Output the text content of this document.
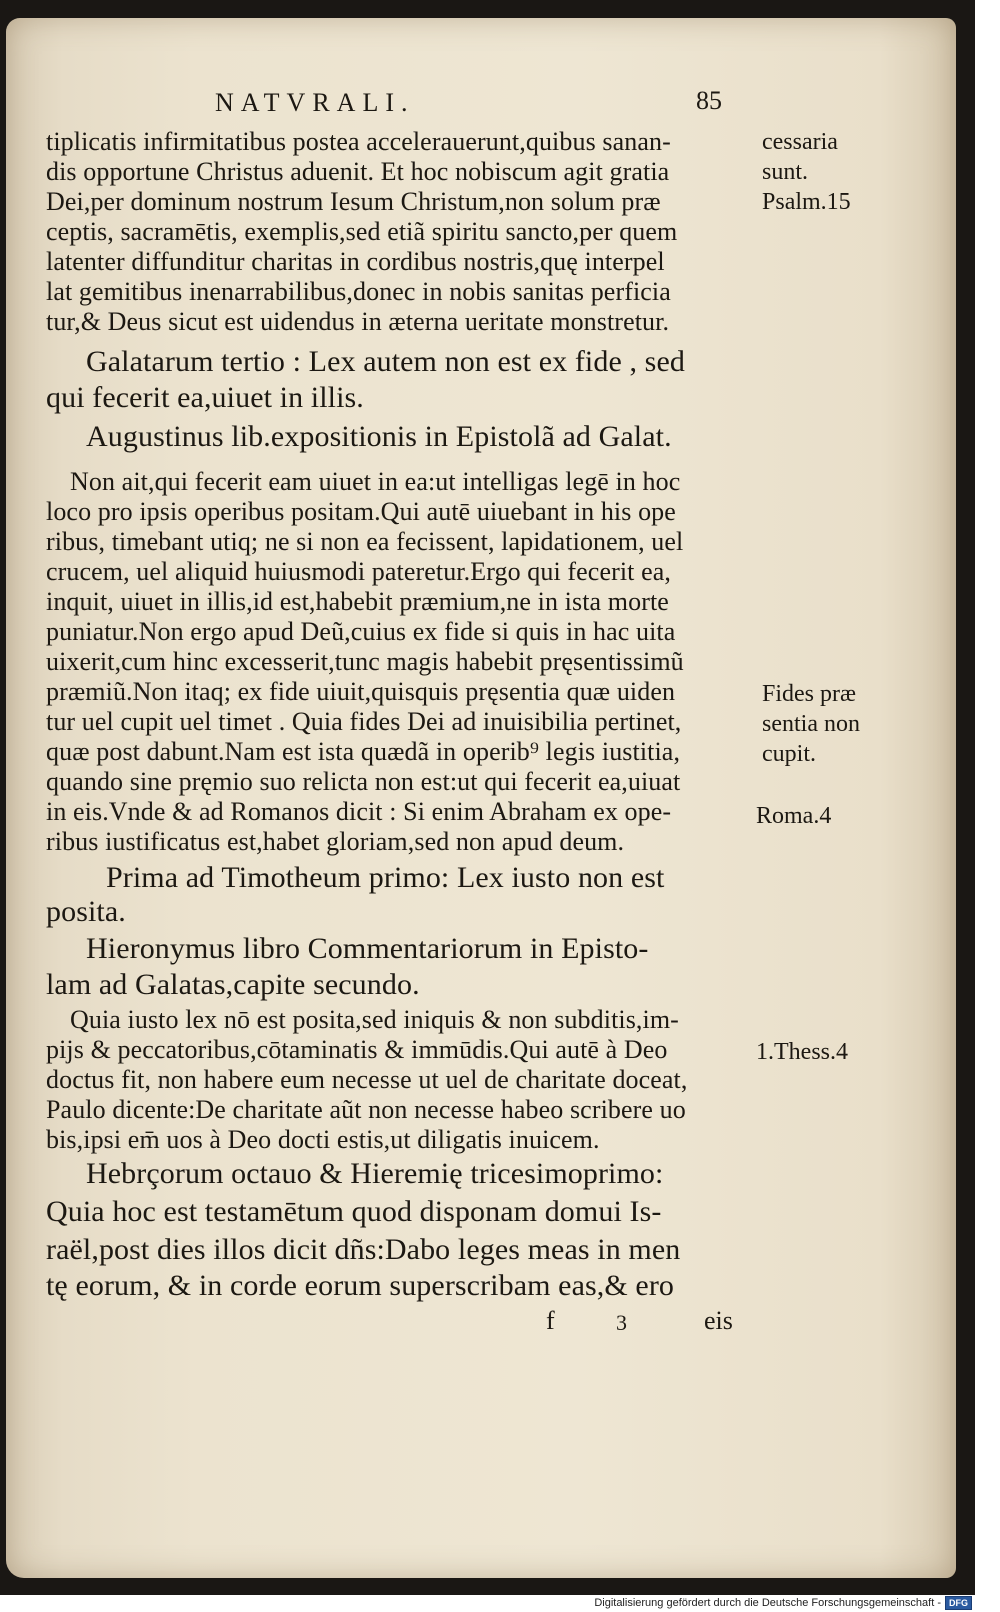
NATVRALI.	85
tiplicatis infirmitatibus postea accelerauerunt,quibus sanan-
dis opportune Christus aduenit. Et hoc nobiscum agit gratia
Dei,per dominum nostrum Iesum Christum,non solum præ
ceptis, sacramētis, exemplis,sed etiã spiritu sancto,per quem
latenter diffunditur charitas in cordibus nostris,quę interpel
lat gemitibus inenarrabilibus,donec in nobis sanitas perficia
tur,& Deus sicut est uidendus in æterna ueritate monstretur.
Galatarum tertio : Lex autem non est ex fide , sed
qui fecerit ea,uiuet in illis.
Augustinus lib.expositionis in Epistolã ad Galat.
Non ait,qui fecerit eam uiuet in ea:ut intelligas legē in hoc
loco pro ipsis operibus positam.Qui autē uiuebant in his ope
ribus, timebant utiq; ne si non ea fecissent, lapidationem, uel
crucem, uel aliquid huiusmodi pateretur.Ergo qui fecerit ea,
inquit, uiuet in illis,id est,habebit præmium,ne in ista morte
puniatur.Non ergo apud Deũ,cuius ex fide si quis in hac uita
uixerit,cum hinc excesserit,tunc magis habebit pręsentissimũ
præmiũ.Non itaq; ex fide uiuit,quisquis pręsentia quæ uiden
tur uel cupit uel timet . Quia fides Dei ad inuisibilia pertinet,
quæ post dabunt.Nam est ista quædã in operib⁹ legis iustitia,
quando sine pręmio suo relicta non est:ut qui fecerit ea,uiuat
in eis.Vnde & ad Romanos dicit : Si enim Abraham ex ope-
ribus iustificatus est,habet gloriam,sed non apud deum.
Prima ad Timotheum primo: Lex iusto non est
posita.
Hieronymus libro Commentariorum in Episto-
lam ad Galatas,capite secundo.
Quia iusto lex nō est posita,sed iniquis & non subditis,im-
pijs & peccatoribus,cōtaminatis & immūdis.Qui autē à Deo
doctus fit, non habere eum necesse ut uel de charitate doceat,
Paulo dicente:De charitate aũt non necesse habeo scribere uo
bis,ipsi em̄ uos à Deo docti estis,ut diligatis inuicem.
Hebrçorum octauo & Hieremię tricesimoprimo:
Quia hoc est testamētum quod disponam domui Is-
raël,post dies illos dicit dñs:Dabo leges meas in men
tę eorum, & in corde eorum superscribam eas,& ero
f	3	eis
cessaria
sunt.
Psalm.15
Fides præ
sentia non
cupit.
Roma.4
1.Thess.4
Digitalisierung gefördert durch die Deutsche Forschungsgemeinschaft - DFG
